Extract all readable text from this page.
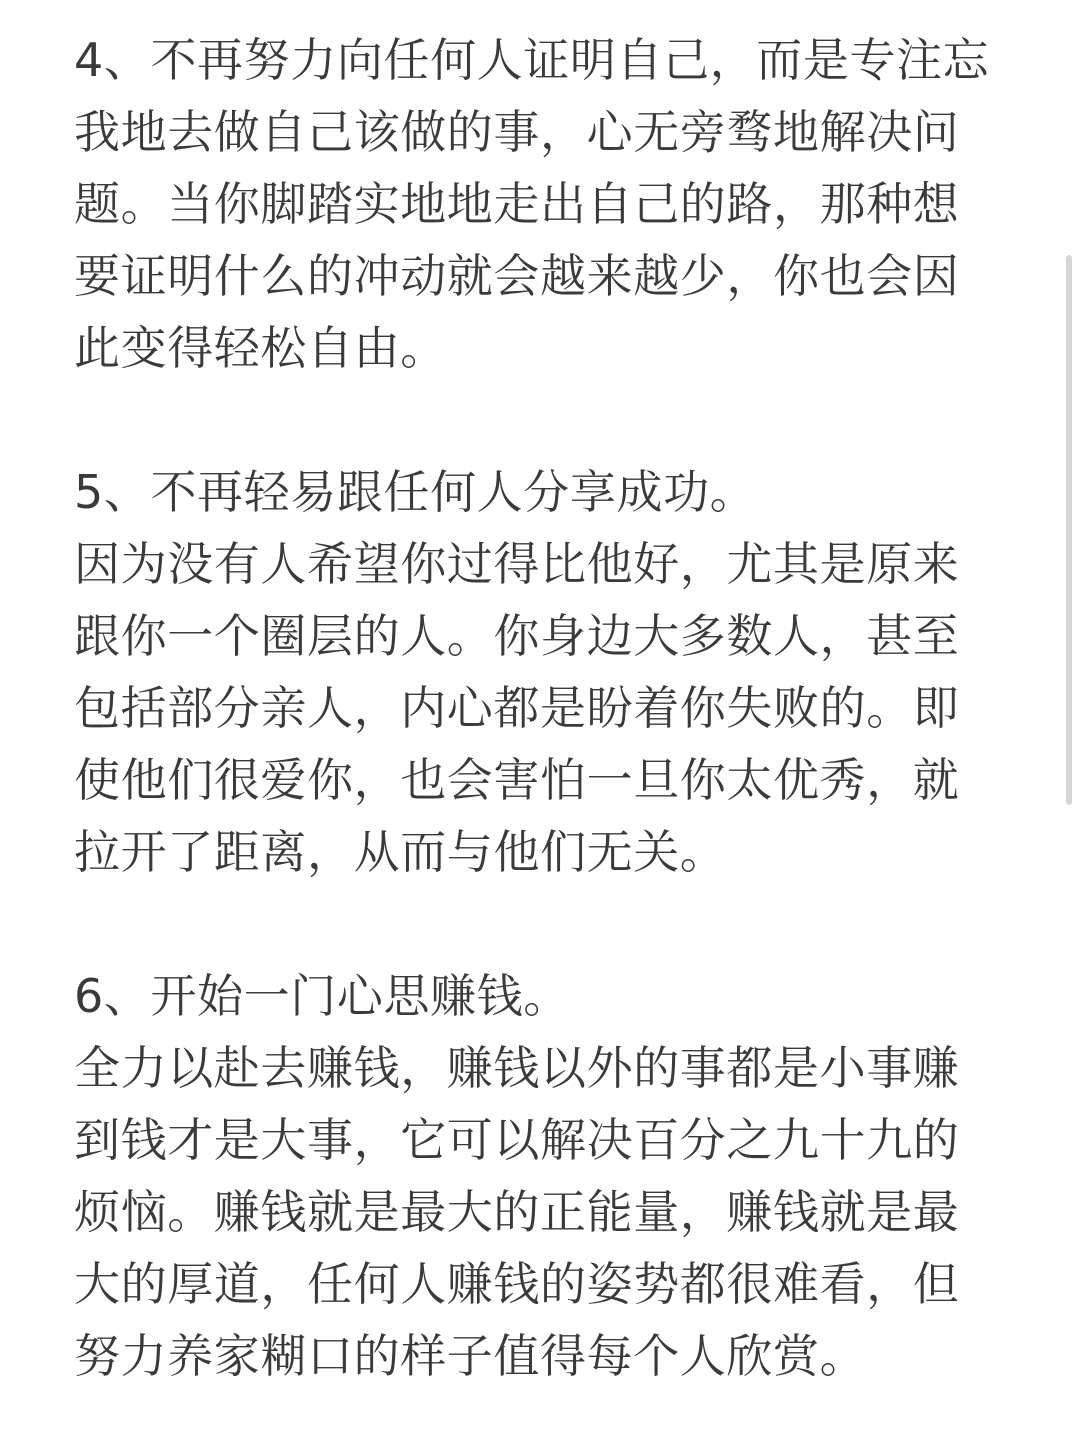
4、不再努力向任何人证明自己，而是专注忘
我地去做自己该做的事，心无旁骛地解决问
题。当你脚踏实地地走出自己的路，那种想
要证明什么的冲动就会越来越少，你也会因
此变得轻松自由。
5、不再轻易跟任何人分享成功。
因为没有人希望你过得比他好，尤其是原来
跟你一个圈层的人。你身边大多数人，甚至
包括部分亲人，内心都是盼着你失败的。即
使他们很爱你，也会害怕一旦你太优秀，就
拉开了距离，从而与他们无关。
6、开始一门心思赚钱。
全力以赴去赚钱，赚钱以外的事都是小事赚
到钱才是大事，它可以解决百分之九十九的
烦恼。赚钱就是最大的正能量，赚钱就是最
大的厚道，任何人赚钱的姿势都很难看，但
努力养家糊口的样子值得每个人欣赏。
